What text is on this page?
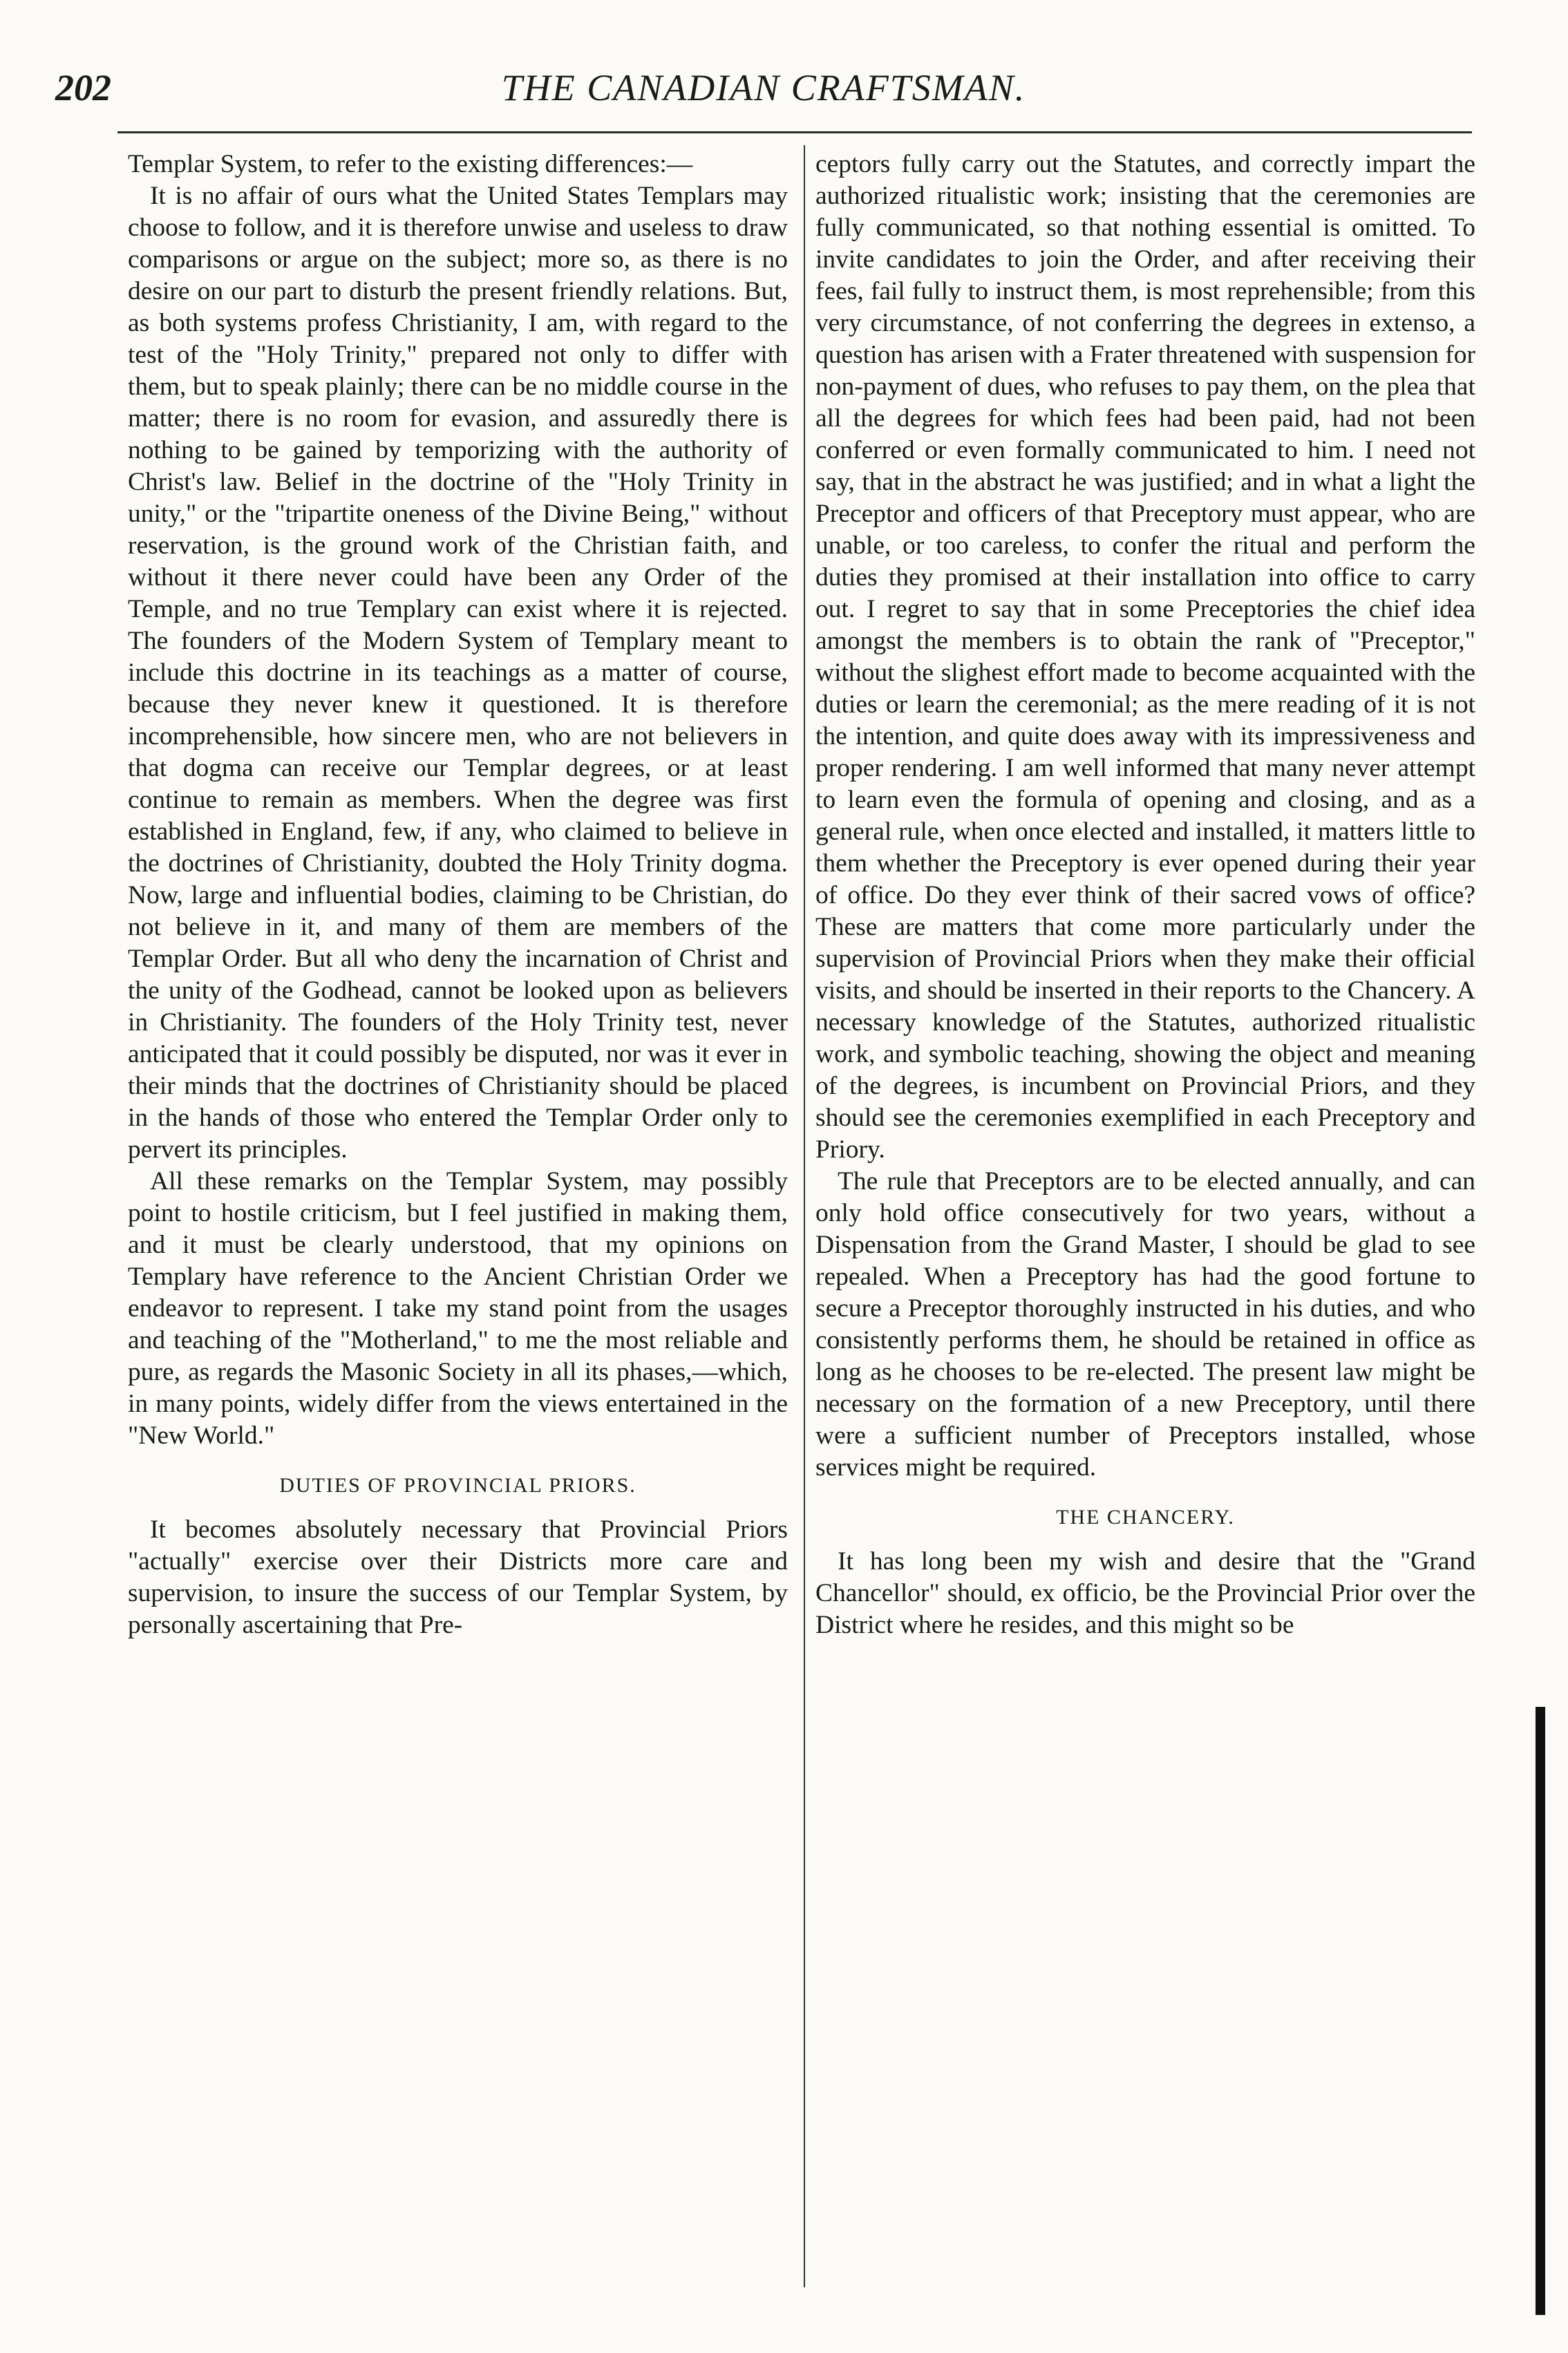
202	THE CANADIAN CRAFTSMAN.

Templar System, to refer to the existing differences:—

It is no affair of ours what the United States Templars may choose to follow, and it is therefore unwise and useless to draw comparisons or argue on the subject; more so, as there is no desire on our part to disturb the present friendly relations. But, as both systems profess Christianity, I am, with regard to the test of the "Holy Trinity," prepared not only to differ with them, but to speak plainly; there can be no middle course in the matter; there is no room for evasion, and assuredly there is nothing to be gained by temporizing with the authority of Christ's law. Belief in the doctrine of the "Holy Trinity in unity," or the "tripartite oneness of the Divine Being," without reservation, is the ground work of the Christian faith, and without it there never could have been any Order of the Temple, and no true Templary can exist where it is rejected. The founders of the Modern System of Templary meant to include this doctrine in its teachings as a matter of course, because they never knew it questioned. It is therefore incomprehensible, how sincere men, who are not believers in that dogma can receive our Templar degrees, or at least continue to remain as members. When the degree was first established in England, few, if any, who claimed to believe in the doctrines of Christianity, doubted the Holy Trinity dogma. Now, large and influential bodies, claiming to be Christian, do not believe in it, and many of them are members of the Templar Order. But all who deny the incarnation of Christ and the unity of the Godhead, cannot be looked upon as believers in Christianity. The founders of the Holy Trinity test, never anticipated that it could possibly be disputed, nor was it ever in their minds that the doctrines of Christianity should be placed in the hands of those who entered the Templar Order only to pervert its principles.

All these remarks on the Templar System, may possibly point to hostile criticism, but I feel justified in making them, and it must be clearly understood, that my opinions on Templary have reference to the Ancient Christian Order we endeavor to represent. I take my stand point from the usages and teaching of the "Motherland," to me the most reliable and pure, as regards the Masonic Society in all its phases,—which, in many points, widely differ from the views entertained in the "New World."

DUTIES OF PROVINCIAL PRIORS.

It becomes absolutely necessary that Provincial Priors "actually" exercise over their Districts more care and supervision, to insure the success of our Templar System, by personally ascertaining that Pre-

ceptors fully carry out the Statutes, and correctly impart the authorized ritualistic work; insisting that the ceremonies are fully communicated, so that nothing essential is omitted. To invite candidates to join the Order, and after receiving their fees, fail fully to instruct them, is most reprehensible; from this very circumstance, of not conferring the degrees in extenso, a question has arisen with a Frater threatened with suspension for non-payment of dues, who refuses to pay them, on the plea that all the degrees for which fees had been paid, had not been conferred or even formally communicated to him. I need not say, that in the abstract he was justified; and in what a light the Preceptor and officers of that Preceptory must appear, who are unable, or too careless, to confer the ritual and perform the duties they promised at their installation into office to carry out. I regret to say that in some Preceptories the chief idea amongst the members is to obtain the rank of "Preceptor," without the slighest effort made to become acquainted with the duties or learn the ceremonial; as the mere reading of it is not the intention, and quite does away with its impressiveness and proper rendering. I am well informed that many never attempt to learn even the formula of opening and closing, and as a general rule, when once elected and installed, it matters little to them whether the Preceptory is ever opened during their year of office. Do they ever think of their sacred vows of office? These are matters that come more particularly under the supervision of Provincial Priors when they make their official visits, and should be inserted in their reports to the Chancery. A necessary knowledge of the Statutes, authorized ritualistic work, and symbolic teaching, showing the object and meaning of the degrees, is incumbent on Provincial Priors, and they should see the ceremonies exemplified in each Preceptory and Priory.

The rule that Preceptors are to be elected annually, and can only hold office consecutively for two years, without a Dispensation from the Grand Master, I should be glad to see repealed. When a Preceptory has had the good fortune to secure a Preceptor thoroughly instructed in his duties, and who consistently performs them, he should be retained in office as long as he chooses to be re-elected. The present law might be necessary on the formation of a new Preceptory, until there were a sufficient number of Preceptors installed, whose services might be required.

THE CHANCERY.

It has long been my wish and desire that the "Grand Chancellor" should, ex officio, be the Provincial Prior over the District where he resides, and this might so be
